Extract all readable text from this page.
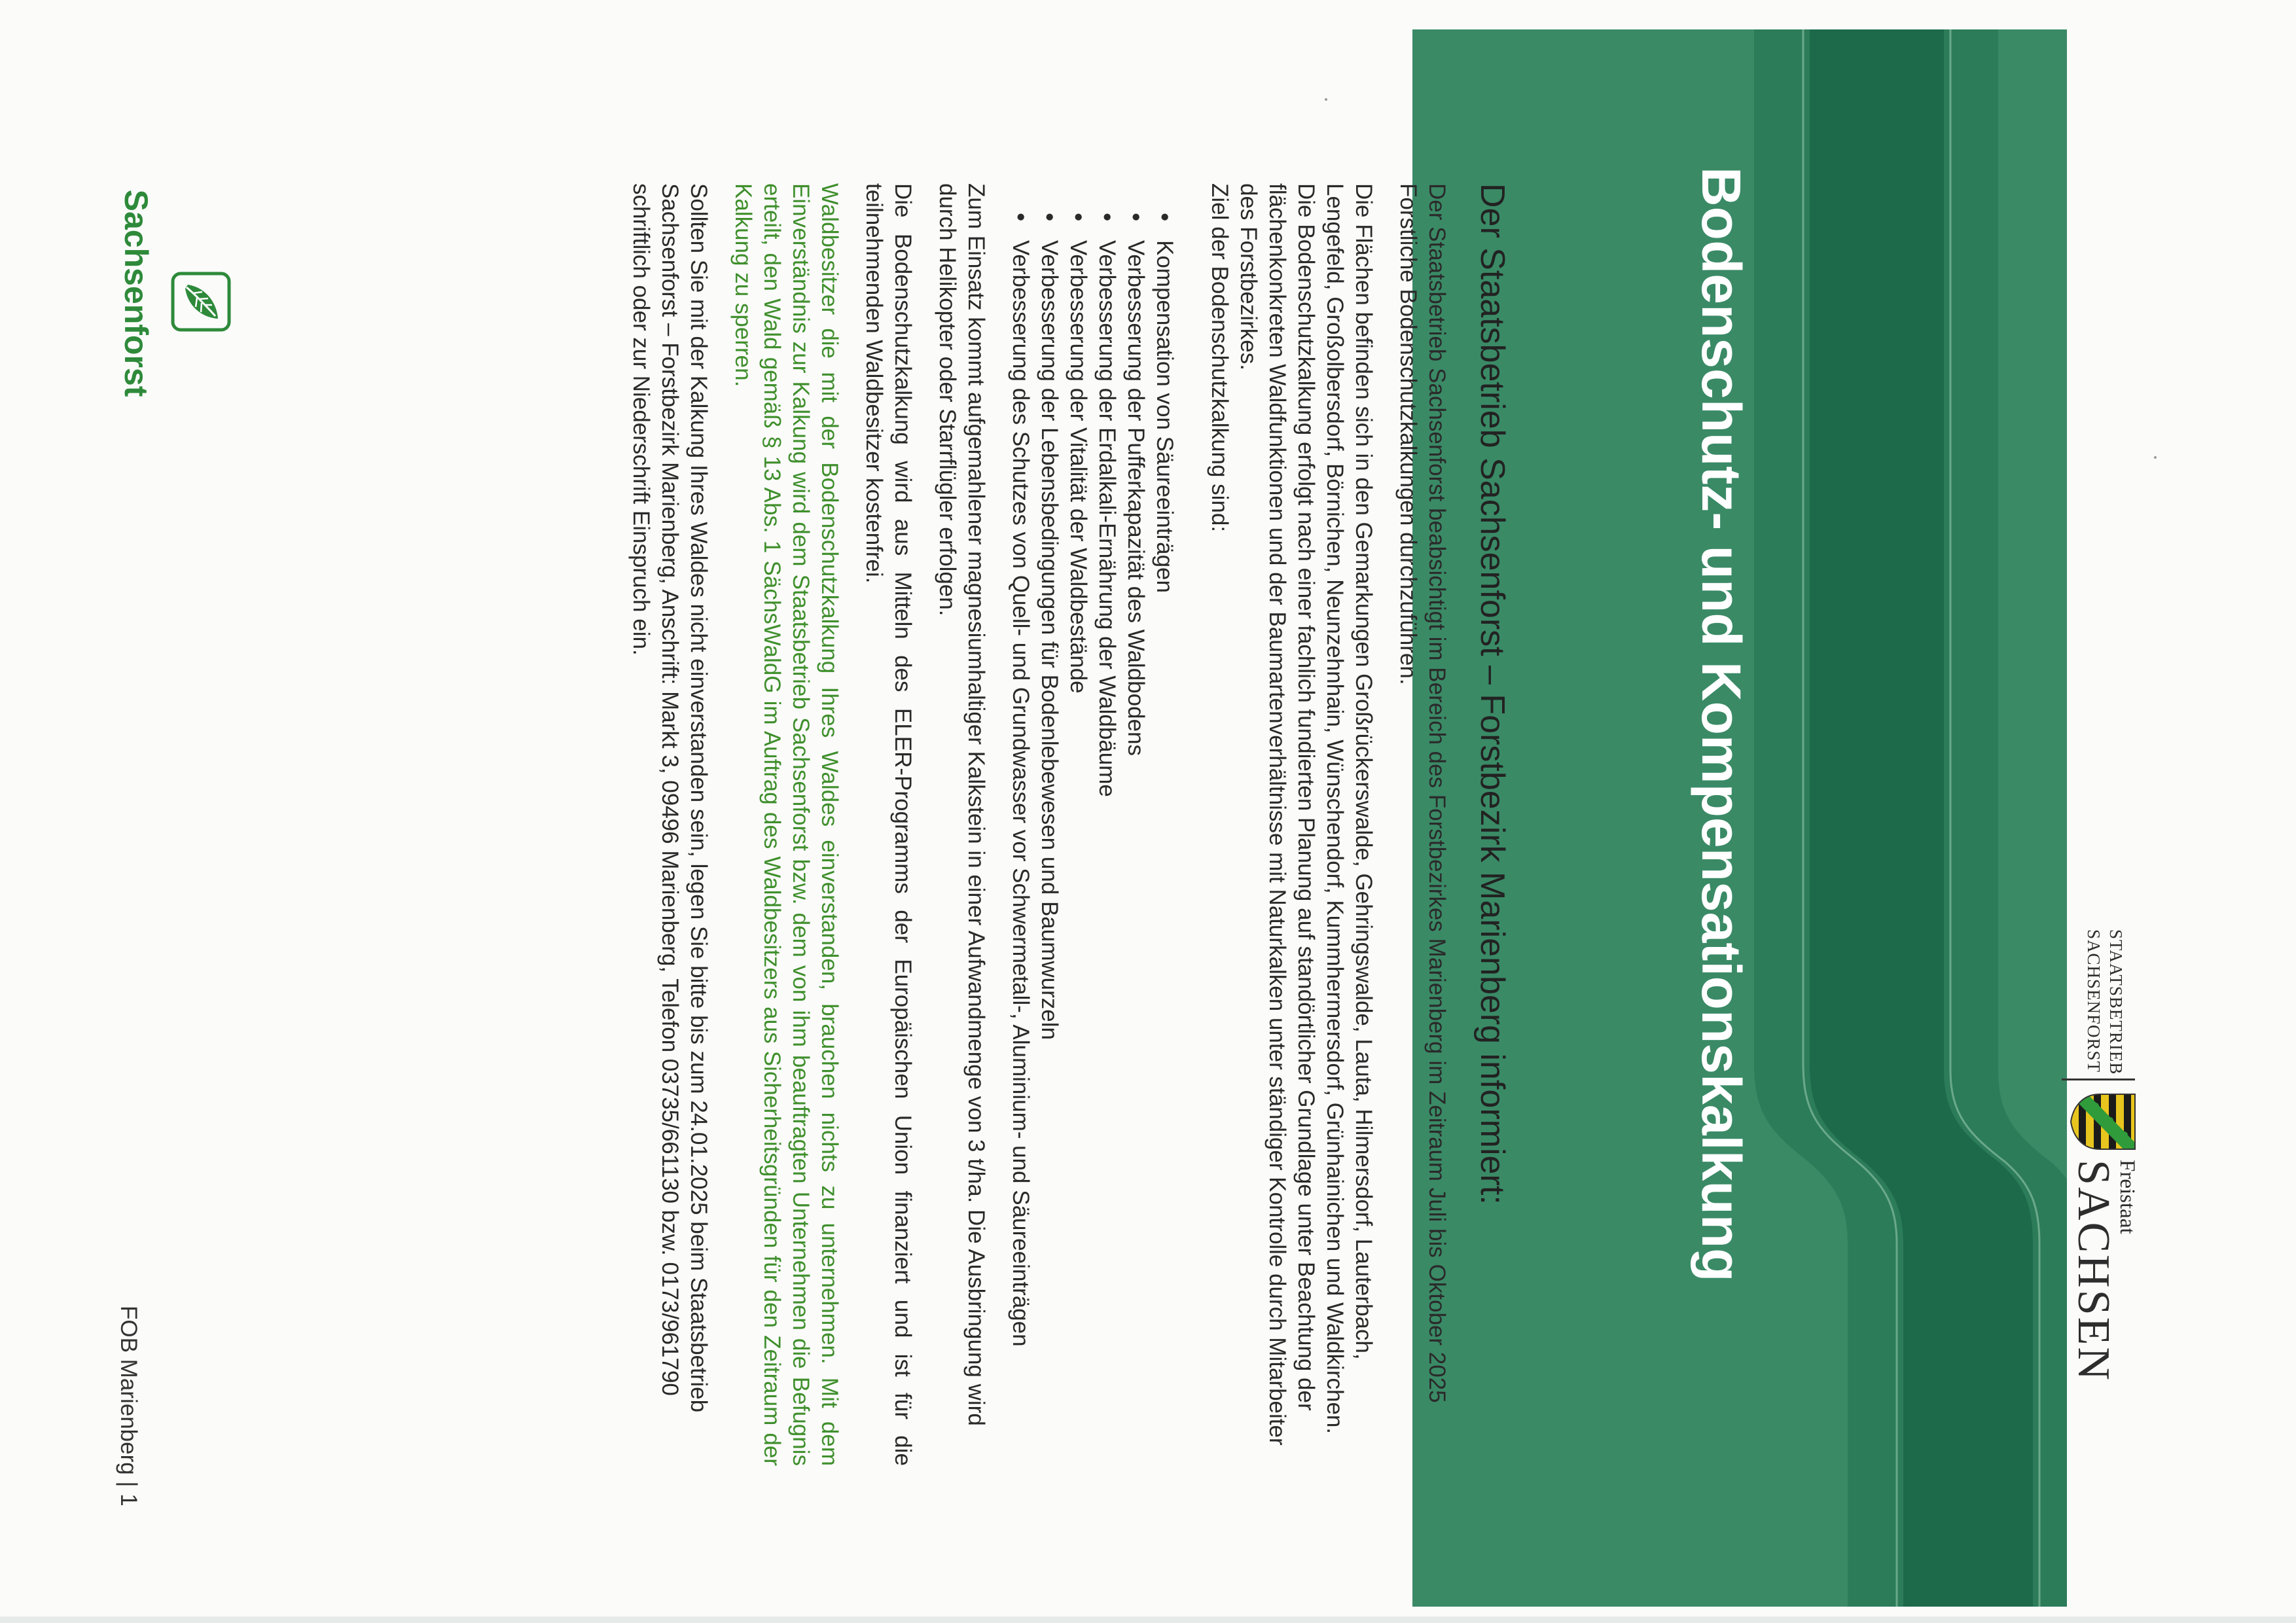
Bodenschutz- und Kompensationskalkung	STAATSBETRIEB
SACHSENFORST
Freistaat
SACHSEN
Der Staatsbetrieb Sachsenforst – Forstbezirk Marienberg informiert:

Der Staatsbetrieb Sachsenforst beabsichtigt im Bereich des Forstbezirkes Marienberg im Zeitraum Juli bis Oktober 2025 Forstliche Bodenschutzkalkungen durchzuführen.

Die Flächen befinden sich in den Gemarkungen Großrückerswalde, Gehringswalde, Lauta, Hilmersdorf, Lauterbach, Lengefeld, Großolbersdorf, Börnichen, Neunzehnhain, Wünschendorf, Kummhermersdorf, Grünhainichen und Waldkirchen.

Die Bodenschutzkalkung erfolgt nach einer fachlich fundierten Planung auf standörtlicher Grundlage unter Beachtung der flächenkonkreten Waldfunktionen und der Baumartenverhältnisse mit Naturkalken unter ständiger Kontrolle durch Mitarbeiter des Forstbezirkes.

Ziel der Bodenschutzkalkung sind:

• Kompensation von Säureeinträgen
• Verbesserung der Pufferkapazität des Waldbodens
• Verbesserung der Erdalkali-Ernährung der Waldbäume
• Verbesserung der Vitalität der Waldbestände
• Verbesserung der Lebensbedingungen für Bodenlebewesen und Baumwurzeln
• Verbesserung des Schutzes von Quell- und Grundwasser vor Schwermetall-, Aluminium- und Säureeinträgen

Zum Einsatz kommt aufgemahlener magnesiumhaltiger Kalkstein in einer Aufwandmenge von 3 t/ha. Die Ausbringung wird durch Helikopter oder Starrflügler erfolgen.

Die Bodenschutzkalkung wird aus Mitteln des ELER-Programms der Europäischen Union finanziert und ist für die teilnehmenden Waldbesitzer kostenfrei.

Waldbesitzer die mit der Bodenschutzkalkung Ihres Waldes einverstanden, brauchen nichts zu unternehmen. Mit dem Einverständnis zur Kalkung wird dem Staatsbetrieb Sachsenforst bzw. dem von ihm beauftragten Unternehmen die Befugnis erteilt, den Wald gemäß § 13 Abs. 1 SächsWaldG im Auftrag des Waldbesitzers aus Sicherheitsgründen für den Zeitraum der Kalkung zu sperren.

Sollten Sie mit der Kalkung Ihres Waldes nicht einverstanden sein, legen Sie bitte bis zum 24.01.2025 beim Staatsbetrieb Sachsenforst – Forstbezirk Marienberg, Anschrift: Markt 3, 09496 Marienberg, Telefon 03735/661130 bzw. 0173/961790 schriftlich oder zur Niederschrift Einspruch ein.

Sachsenforst
FOB Marienberg | 1
